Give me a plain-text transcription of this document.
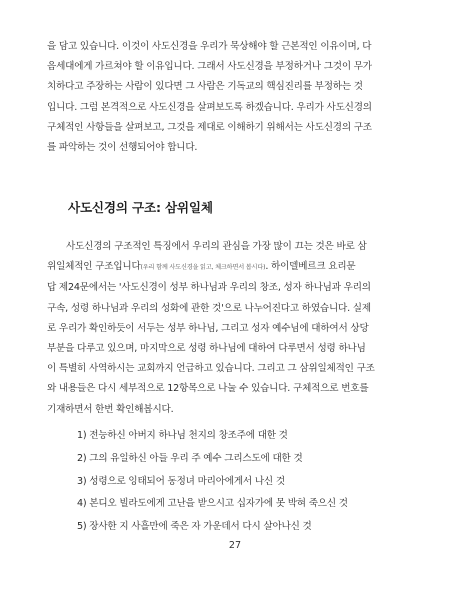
을 담고 있습니다. 이것이 사도신경을 우리가 묵상해야 할 근본적인 이유이며, 다
음세대에게 가르쳐야 할 이유입니다. 그래서 사도신경을 부정하거나 그것이 무가
치하다고 주장하는 사람이 있다면 그 사람은 기독교의 핵심진리를 부정하는 것
입니다. 그럼 본격적으로 사도신경을 살펴보도록 하겠습니다. 우리가 사도신경의
구체적인 사항들을 살펴보고, 그것을 제대로 이해하기 위해서는 사도신경의 구조
를 파악하는 것이 선행되어야 합니다.

사도신경의 구조: 삼위일체

사도신경의 구조적인 특징에서 우리의 관심을 가장 많이 끄는 것은 바로 삼
위일체적인 구조입니다(우리 함께 사도신경을 읽고, 체크하면서 봅시다). 하이델베르크 요리문
답 제24문에서는 '사도신경이 성부 하나님과 우리의 창조, 성자 하나님과 우리의
구속, 성령 하나님과 우리의 성화에 관한 것'으로 나누어진다고 하였습니다. 실제
로 우리가 확인하듯이 서두는 성부 하나님, 그리고 성자 예수님에 대하여서 상당
부분을 다루고 있으며, 마지막으로 성령 하나님에 대하여 다루면서 성령 하나님
이 특별히 사역하시는 교회까지 언급하고 있습니다. 그리고 그 삼위일체적인 구조
와 내용들은 다시 세부적으로 12항목으로 나눌 수 있습니다. 구체적으로 번호를
기재하면서 한번 확인해봅시다.

1) 전능하신 아버지 하나님 천지의 창조주에 대한 것
2) 그의 유일하신 아들 우리 주 예수 그리스도에 대한 것
3) 성령으로 잉태되어 동정녀 마리아에게서 나신 것
4) 본디오 빌라도에게 고난을 받으시고 십자가에 못 박혀 죽으신 것
5) 장사한 지 사흘만에 죽은 자 가운데서 다시 살아나신 것
27
